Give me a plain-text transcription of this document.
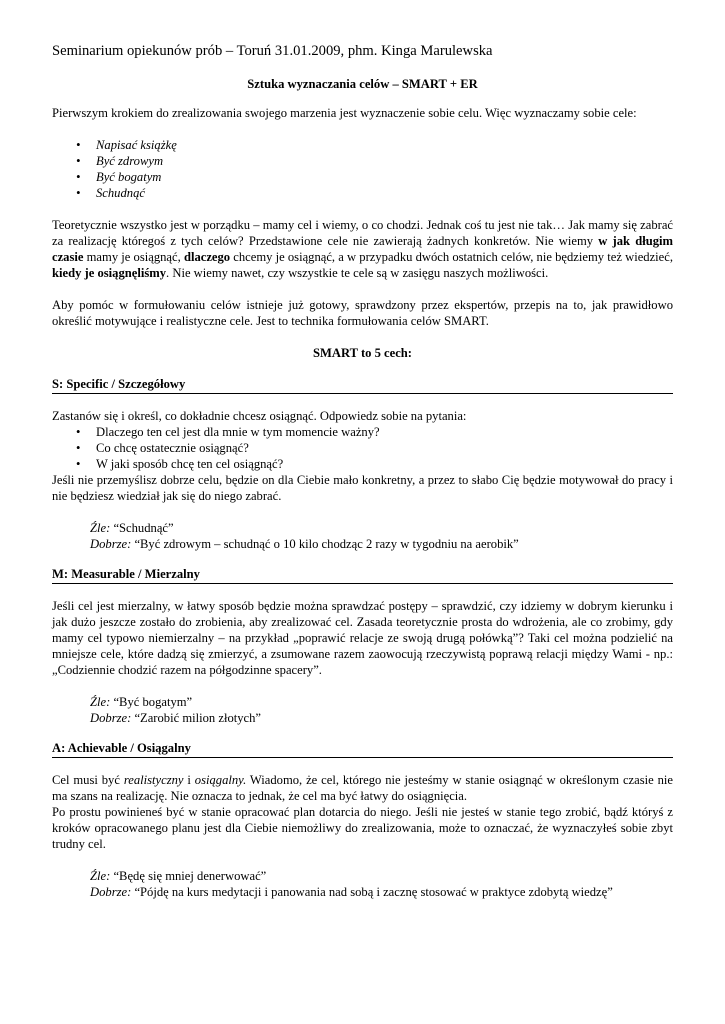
Seminarium opiekunów prób – Toruń 31.01.2009, phm. Kinga Marulewska
Sztuka wyznaczania celów – SMART + ER

Pierwszym krokiem do zrealizowania swojego marzenia jest wyznaczenie sobie celu. Więc wyznaczamy sobie cele:

• Napisać książkę
• Być zdrowym
• Być bogatym
• Schudnąć

Teoretycznie wszystko jest w porządku – mamy cel i wiemy, o co chodzi. Jednak coś tu jest nie tak… Jak mamy się zabrać za realizację któregoś z tych celów? Przedstawione cele nie zawierają żadnych konkretów. Nie wiemy w jak długim czasie mamy je osiągnąć, dlaczego chcemy je osiągnąć, a w przypadku dwóch ostatnich celów, nie będziemy też wiedzieć, kiedy je osiągnęliśmy. Nie wiemy nawet, czy wszystkie te cele są w zasięgu naszych możliwości.

Aby pomóc w formułowaniu celów istnieje już gotowy, sprawdzony przez ekspertów, przepis na to, jak prawidłowo określić motywujące i realistyczne cele. Jest to technika formułowania celów SMART.

SMART to 5 cech:
S: Specific / Szczegółowy

Zastanów się i określ, co dokładnie chcesz osiągnąć. Odpowiedz sobie na pytania:

• Dlaczego ten cel jest dla mnie w tym momencie ważny?
• Co chcę ostatecznie osiągnąć?
• W jaki sposób chcę ten cel osiągnąć?

Jeśli nie przemyślisz dobrze celu, będzie on dla Ciebie mało konkretny, a przez to słabo Cię będzie motywował do pracy i nie będziesz wiedział jak się do niego zabrać.

Źle: “Schudnąć”
Dobrze: “Być zdrowym – schudnąć o 10 kilo chodząc 2 razy w tygodniu na aerobik”
M: Measurable / Mierzalny

Jeśli cel jest mierzalny, w łatwy sposób będzie można sprawdzać postępy – sprawdzić, czy idziemy w dobrym kierunku i jak dużo jeszcze zostało do zrobienia, aby zrealizować cel. Zasada teoretycznie prosta do wdrożenia, ale co zrobimy, gdy mamy cel typowo niemierzalny – na przykład „poprawić relacje ze swoją drugą połówką”? Taki cel można podzielić na mniejsze cele, które dadzą się zmierzyć, a zsumowane razem zaowocują rzeczywistą poprawą relacji między Wami - np.: „Codziennie chodzić razem na półgodzinne spacery”.

Źle: “Być bogatym”
Dobrze: “Zarobić milion złotych”
A: Achievable / Osiągalny

Cel musi być realistyczny i osiągalny. Wiadomo, że cel, którego nie jesteśmy w stanie osiągnąć w określonym czasie nie ma szans na realizację. Nie oznacza to jednak, że cel ma być łatwy do osiągnięcia.

Po prostu powinieneś być w stanie opracować plan dotarcia do niego. Jeśli nie jesteś w stanie tego zrobić, bądź któryś z kroków opracowanego planu jest dla Ciebie niemożliwy do zrealizowania, może to oznaczać, że wyznaczyłeś sobie zbyt trudny cel.

Źle: “Będę się mniej denerwować”
Dobrze: “Pójdę na kurs medytacji i panowania nad sobą i zacznę stosować w praktyce zdobytą wiedzę”
